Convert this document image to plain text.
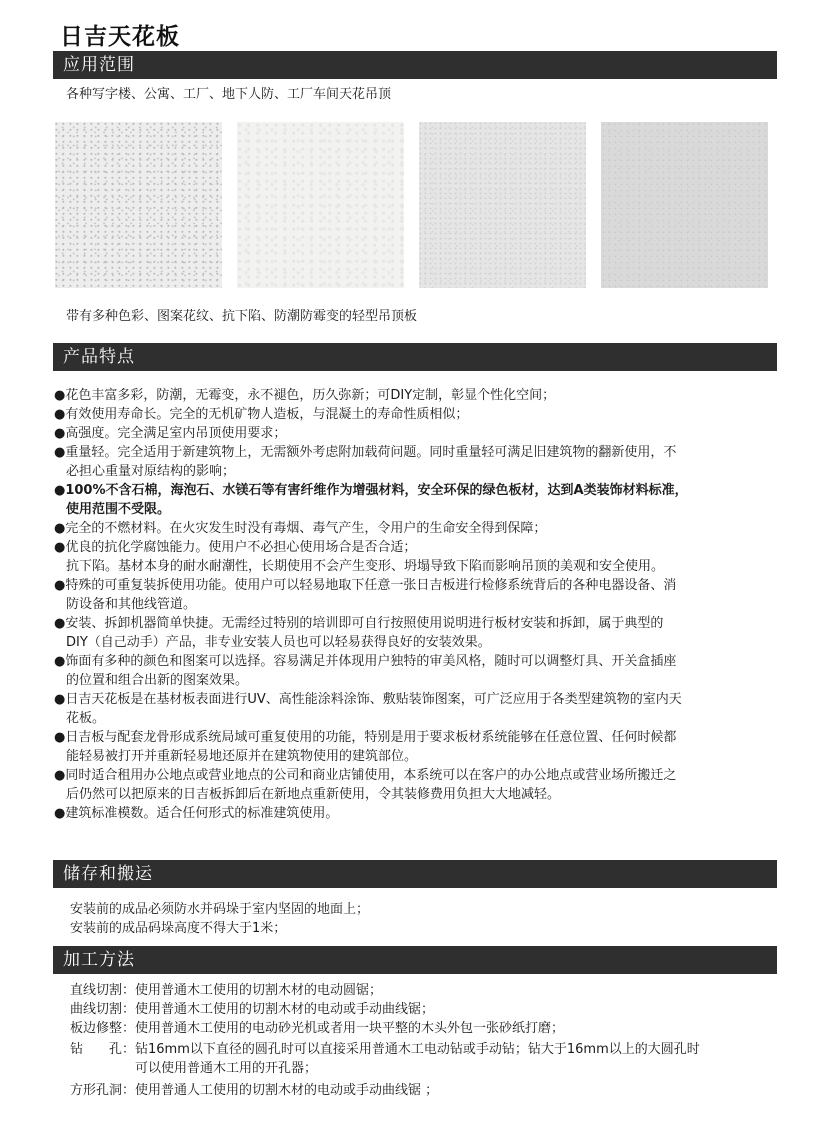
日吉天花板
应用范围
各种写字楼、公寓、工厂、地下人防、工厂车间天花吊顶
带有多种色彩、图案花纹、抗下陷、防潮防霉变的轻型吊顶板
产品特点
●花色丰富多彩，防潮，无霉变，永不褪色，历久弥新；可DIY定制，彰显个性化空间；
●有效使用寿命长。完全的无机矿物人造板，与混凝土的寿命性质相似；
●高强度。完全满足室内吊顶使用要求；
●重量轻。完全适用于新建筑物上，无需额外考虑附加载荷问题。同时重量轻可满足旧建筑物的翻新使用，不
必担心重量对原结构的影响；
●100%不含石棉，海泡石、水镁石等有害纤维作为增强材料，安全环保的绿色板材，达到A类装饰材料标准，
使用范围不受限。
●完全的不燃材料。在火灾发生时没有毒烟、毒气产生，令用户的生命安全得到保障；
●优良的抗化学腐蚀能力。使用户不必担心使用场合是否合适；
抗下陷。基材本身的耐水耐潮性，长期使用不会产生变形、坍塌导致下陷而影响吊顶的美观和安全使用。
●特殊的可重复装拆使用功能。使用户可以轻易地取下任意一张日吉板进行检修系统背后的各种电器设备、消
防设备和其他线管道。
●安装、拆卸机器简单快捷。无需经过特别的培训即可自行按照使用说明进行板材安装和拆卸，属于典型的
DIY（自己动手）产品，非专业安装人员也可以轻易获得良好的安装效果。
●饰面有多种的颜色和图案可以选择。容易满足并体现用户独特的审美风格，随时可以调整灯具、开关盒插座
的位置和组合出新的图案效果。
●日吉天花板是在基材板表面进行UV、高性能涂料涂饰、敷贴装饰图案，可广泛应用于各类型建筑物的室内天
花板。
●日吉板与配套龙骨形成系统局域可重复使用的功能，特别是用于要求板材系统能够在任意位置、任何时候都
能轻易被打开并重新轻易地还原并在建筑物使用的建筑部位。
●同时适合租用办公地点或营业地点的公司和商业店铺使用，本系统可以在客户的办公地点或营业场所搬迁之
后仍然可以把原来的日吉板拆卸后在新地点重新使用，令其装修费用负担大大地减轻。
●建筑标准模数。适合任何形式的标准建筑使用。
储存和搬运
安装前的成品必须防水并码垛于室内坚固的地面上；
安装前的成品码垛高度不得大于1米；
加工方法
直线切割：使用普通木工使用的切割木材的电动圆锯；
曲线切割：使用普通木工使用的切割木材的电动或手动曲线锯；
板边修整：使用普通木工使用的电动砂光机或者用一块平整的木头外包一张砂纸打磨；
钻　　孔：钻16mm以下直径的圆孔时可以直接采用普通木工电动钻或手动钻；钻大于16mm以上的大圆孔时
　　　　　可以使用普通木工用的开孔器；
方形孔洞：使用普通人工使用的切割木材的电动或手动曲线锯 ；
